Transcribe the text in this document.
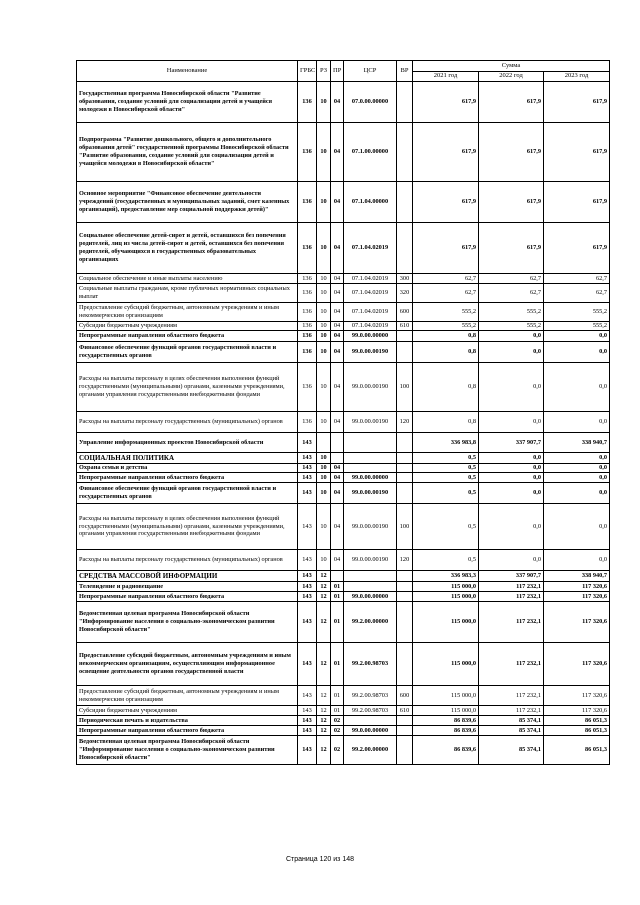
Наименование	ГРБС	РЗ	ПР	ЦСР	ВР	Сумма		
						2021 год	2022 год	2023 год
Государственная программа Новосибирской области "Развитие образования, создание условий для социализации детей и учащейся молодежи в Новосибирской области"	136	10	04	07.0.00.00000		617,9	617,9	617,9
Подпрограмма "Развитие дошкольного, общего и дополнительного образования детей" государственной программы Новосибирской области "Развитие образования, создание условий для социализации детей и учащейся молодежи в Новосибирской области"	136	10	04	07.1.00.00000		617,9	617,9	617,9
Основное мероприятие "Финансовое обеспечение деятельности учреждений (государственных и муниципальных заданий, смет казенных организаций), предоставление мер социальной поддержки детей)"	136	10	04	07.1.04.00000		617,9	617,9	617,9
Социальное обеспечение детей-сирот и детей, оставшихся без попечения родителей, лиц из числа детей-сирот и детей, оставшихся без попечения родителей, обучающихся в государственных образовательных организациях	136	10	04	07.1.04.02019		617,9	617,9	617,9
Социальное обеспечение и иные выплаты населению	136	10	04	07.1.04.02019	300	62,7	62,7	62,7
Социальные выплаты гражданам, кроме публичных нормативных социальных выплат	136	10	04	07.1.04.02019	320	62,7	62,7	62,7
Предоставление субсидий бюджетным, автономным учреждениям и иным некоммерческим организациям	136	10	04	07.1.04.02019	600	555,2	555,2	555,2
Субсидии бюджетным учреждениям	136	10	04	07.1.04.02019	610	555,2	555,2	555,2
Непрограммные направления областного бюджета	136	10	04	99.0.00.00000		0,8	0,0	0,0
Финансовое обеспечение функций органов государственной власти и государственных органов	136	10	04	99.0.00.00190		0,8	0,0	0,0
Расходы на выплаты персоналу в целях обеспечения выполнения функций государственными (муниципальными) органами, казенными учреждениями, органами управления государственными внебюджетными фондами	136	10	04	99.0.00.00190	100	0,8	0,0	0,0
Расходы на выплаты персоналу государственных (муниципальных) органов	136	10	04	99.0.00.00190	120	0,8	0,0	0,0
Управление информационных проектов Новосибирской области	143					336 983,8	337 907,7	338 940,7
СОЦИАЛЬНАЯ ПОЛИТИКА	143	10				0,5	0,0	0,0
Охрана семьи и детства	143	10	04			0,5	0,0	0,0
Непрограммные направления областного бюджета	143	10	04	99.0.00.00000		0,5	0,0	0,0
Финансовое обеспечение функций органов государственной власти и государственных органов	143	10	04	99.0.00.00190		0,5	0,0	0,0
Расходы на выплаты персоналу в целях обеспечения выполнения функций государственными (муниципальными) органами, казенными учреждениями, органами управления государственными внебюджетными фондами	143	10	04	99.0.00.00190	100	0,5	0,0	0,0
Расходы на выплаты персоналу государственных (муниципальных) органов	143	10	04	99.0.00.00190	120	0,5	0,0	0,0
СРЕДСТВА МАССОВОЙ ИНФОРМАЦИИ	143	12				336 983,3	337 907,7	338 940,7
Телевидение и радиовещание	143	12	01			115 000,0	117 232,1	117 320,6
Непрограммные направления областного бюджета	143	12	01	99.0.00.00000		115 000,0	117 232,1	117 320,6
Ведомственная целевая программа Новосибирской области "Информирование населения о социально-экономическом развитии Новосибирской области"	143	12	01	99.2.00.00000		115 000,0	117 232,1	117 320,6
Предоставление субсидий бюджетным, автономным учреждениям и иным некоммерческим организациям, осуществляющим информационное освещение деятельности органов государственной власти	143	12	01	99.2.00.98703		115 000,0	117 232,1	117 320,6
Предоставление субсидий бюджетным, автономным учреждениям и иным некоммерческим организациям	143	12	01	99.2.00.98703	600	115 000,0	117 232,1	117 320,6
Субсидии бюджетным учреждениям	143	12	01	99.2.00.98703	610	115 000,0	117 232,1	117 320,6
Периодическая печать и издательства	143	12	02			86 839,6	85 374,1	86 051,3
Непрограммные направления областного бюджета	143	12	02	99.0.00.00000		86 839,6	85 374,1	86 051,3
Ведомственная целевая программа Новосибирской области "Информирование населения о социально-экономическом развитии Новосибирской области"	143	12	02	99.2.00.00000		86 839,6	85 374,1	86 051,3
Страница 120 из 148
